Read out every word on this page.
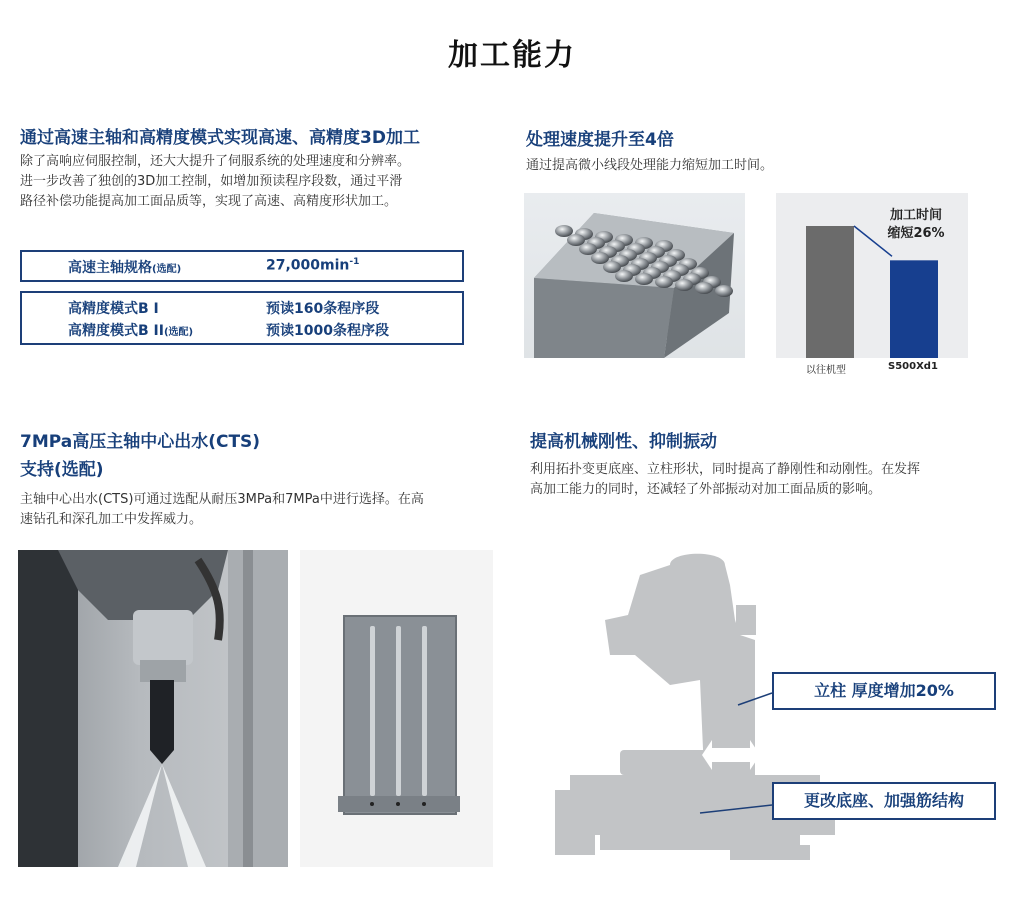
加工能力
通过高速主轴和高精度模式实现高速、高精度3D加工
除了高响应伺服控制，还大大提升了伺服系统的处理速度和分辨率。
进一步改善了独创的3D加工控制，如增加预读程序段数，通过平滑
路径补偿功能提高加工面品质等，实现了高速、高精度形状加工。
高速主轴规格(选配)	$27,000\min^{-1}$
高精度模式B I	预读160条程序段
高精度模式B II(选配)	预读1000条程序段
处理速度提升至4倍
通过提高微小线段处理能力缩短加工时间。
加工时间
缩短26%
以往机型	S500Xd1
7MPa高压主轴中心出水(CTS)
支持(选配)
主轴中心出水(CTS)可通过选配从耐压3MPa和7MPa中进行选择。在高
速钻孔和深孔加工中发挥威力。
提高机械刚性、抑制振动
利用拓扑变更底座、立柱形状，同时提高了静刚性和动刚性。在发挥
高加工能力的同时，还减轻了外部振动对加工面品质的影响。
立柱 厚度增加20%
更改底座、加强筋结构
